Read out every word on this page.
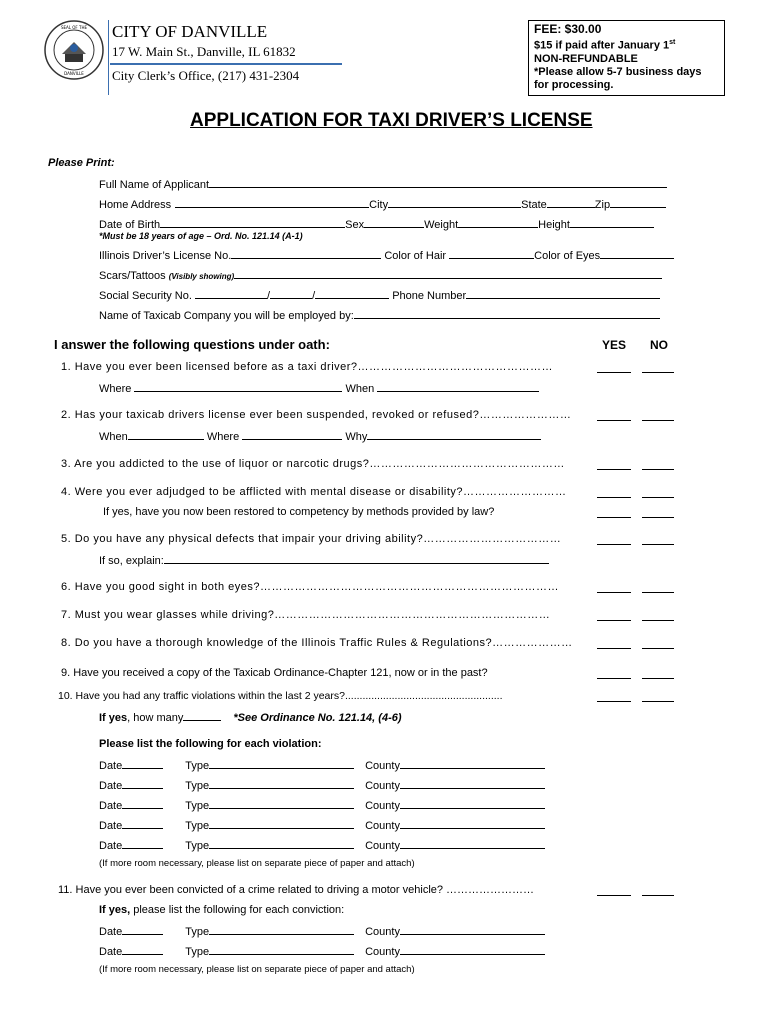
SEAL OF THE
DANVILLE
CITY OF DANVILLE
17 W. Main St., Danville, IL 61832
City Clerk’s Office, (217) 431-2304
FEE: $30.00
$15 if paid after January 1st
NON-REFUNDABLE
*Please allow 5-7 business days
for processing.
APPLICATION FOR TAXI DRIVER’S LICENSE
Please Print:
Full Name of Applicant
Home Address	City	State	Zip
Date of Birth	Sex	Weight	Height
*Must be 18 years of age – Ord. No. 121.14 (A-1)
Illinois Driver’s License No.	Color of Hair	Color of Eyes
Scars/Tattoos (Visibly showing)
Social Security No.	/	/	Phone Number
Name of Taxicab Company you will be employed by:
I answer the following questions under oath:	YES NO
1. Have you ever been licensed before as a taxi driver?……………………………………………
Where	When
2. Has your taxicab drivers license ever been suspended, revoked or refused?……………………
When	Where	Why
3. Are you addicted to the use of liquor or narcotic drugs?……………………………………………
4. Were you ever adjudged to be afflicted with mental disease or disability?………………………
If yes, have you now been restored to competency by methods provided by law?
5. Do you have any physical defects that impair your driving ability?………………………………
If so, explain:
6. Have you good sight in both eyes?……………………………………………………………………
7. Must you wear glasses while driving?………………………………………………………………
8. Do you have a thorough knowledge of the Illinois Traffic Rules & Regulations?…………………
9. Have you received a copy of the Taxicab Ordinance-Chapter 121, now or in the past?
10. Have you had any traffic violations within the last 2 years?......................................................
If yes, how many	*See Ordinance No. 121.14, (4-6)
Please list the following for each violation:
Date	Type	County
Date	Type	County
Date	Type	County
Date	Type	County
Date	Type	County
(If more room necessary, please list on separate piece of paper and attach)
11. Have you ever been convicted of a crime related to driving a motor vehicle? ……………………
If yes, please list the following for each conviction:
Date	Type	County
Date	Type	County
(If more room necessary, please list on separate piece of paper and attach)
